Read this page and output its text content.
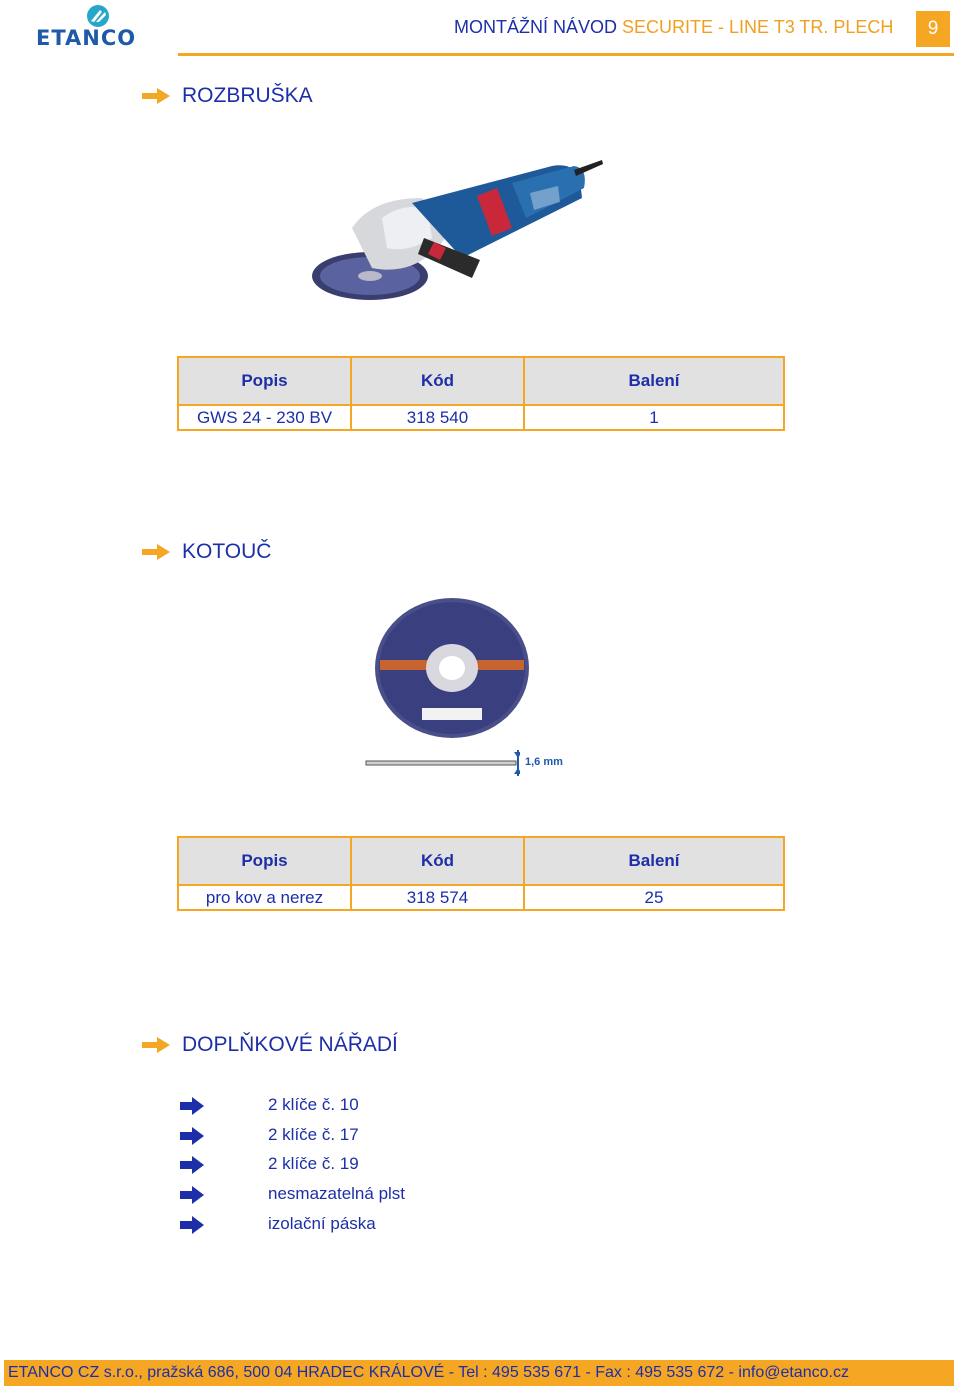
ETANCO	MONTÁŽNÍ NÁVOD SECURITE - LINE T3 TR. PLECH	9
ROZBRUŠKA
Popis	Kód	Balení
GWS 24 - 230 BV	318 540	1
KOTOUČ
1,6 mm
Popis	Kód	Balení
pro kov a nerez	318 574	25
DOPLŇKOVÉ NÁŘADÍ
2 klíče č. 10
2 klíče č. 17
2 klíče č. 19
nesmazatelná plst
izolační páska
ETANCO CZ s.r.o., pražská 686, 500 04 HRADEC KRÁLOVÉ - Tel : 495 535 671 - Fax : 495 535 672 - info@etanco.cz
